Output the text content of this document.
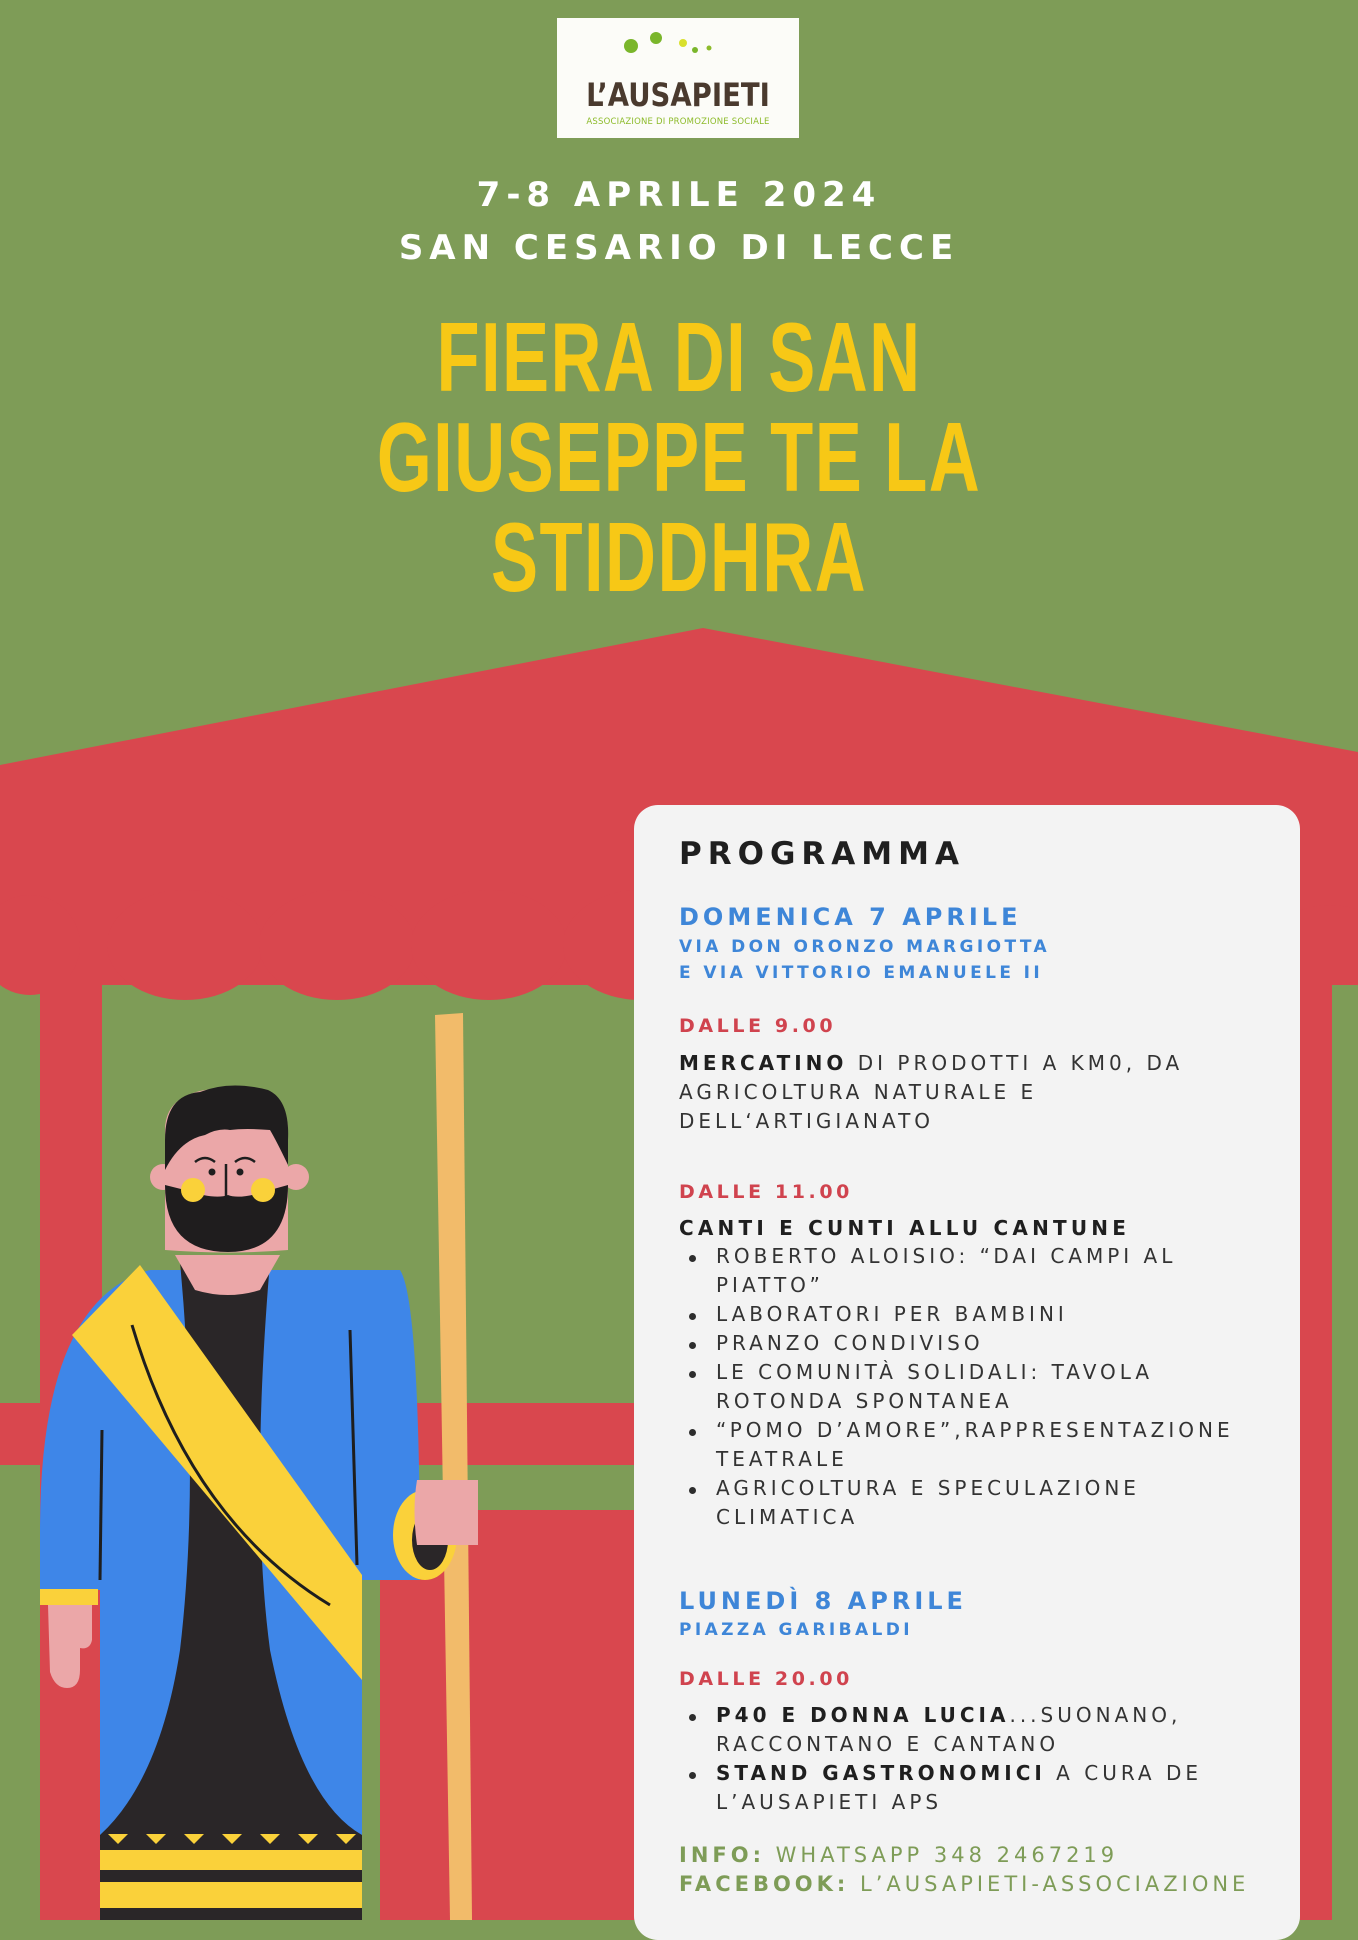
L’AUSAPIETI
ASSOCIAZIONE DI PROMOZIONE SOCIALE
7-8 APRILE 2024
SAN CESARIO DI LECCE
FIERA DI SAN
GIUSEPPE TE LA
STIDDHRA
PROGRAMMA
DOMENICA 7 APRILE
VIA DON ORONZO MARGIOTTA
E VIA VITTORIO EMANUELE II
DALLE 9.00
MERCATINO DI PRODOTTI A KM0, DA
AGRICOLTURA NATURALE E
DELL‘ARTIGIANATO
DALLE 11.00
CANTI E CUNTI ALLU CANTUNE
ROBERTO ALOISIO: “DAI CAMPI AL
PIATTO”
LABORATORI PER BAMBINI
PRANZO CONDIVISO
LE COMUNITÀ SOLIDALI: TAVOLA
ROTONDA SPONTANEA
“POMO D’AMORE”,RAPPRESENTAZIONE
TEATRALE
AGRICOLTURA E SPECULAZIONE
CLIMATICA
LUNEDÌ 8 APRILE
PIAZZA GARIBALDI
DALLE 20.00
P40 E DONNA LUCIA...SUONANO,
RACCONTANO E CANTANO
STAND GASTRONOMICI A CURA DE
L’AUSAPIETI APS
INFO: WHATSAPP 348 2467219
FACEBOOK: L’AUSAPIETI-ASSOCIAZIONE
